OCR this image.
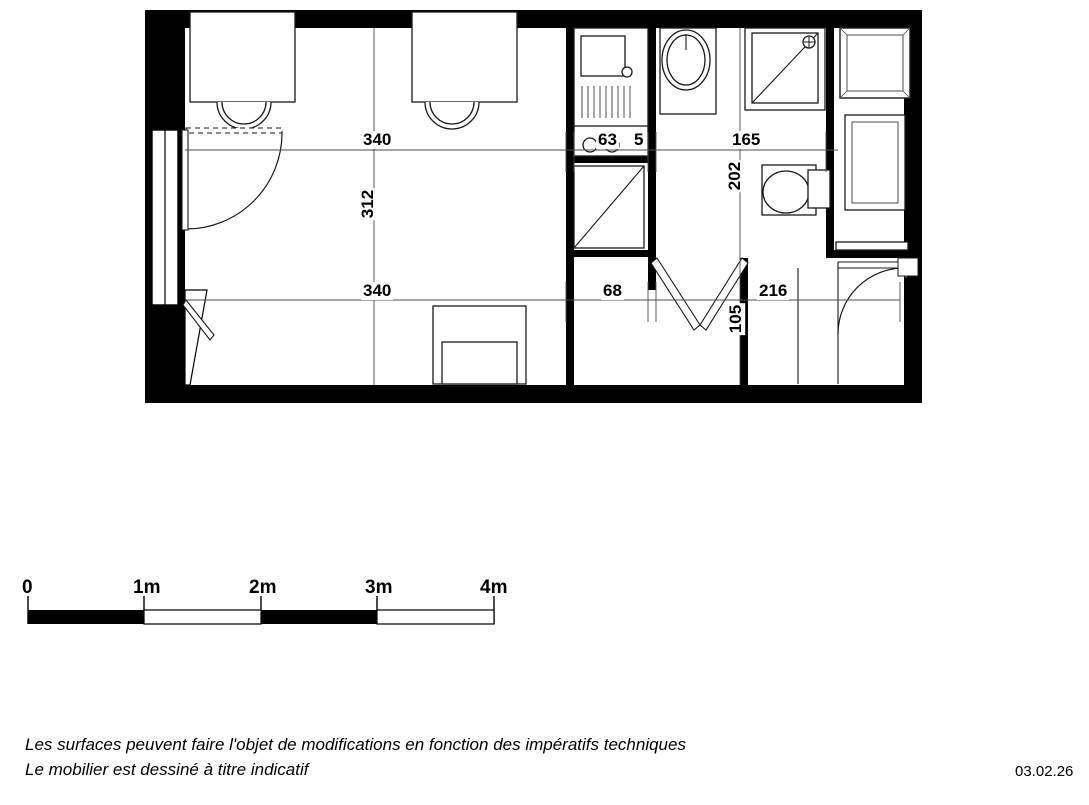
340
312
340
63 5	165
202
68
105
216
0	1m	2m	3m	4m
Les surfaces peuvent faire l'objet de modifications en fonction des impératifs techniques
Le mobilier est dessiné à titre indicatif	03.02.26
